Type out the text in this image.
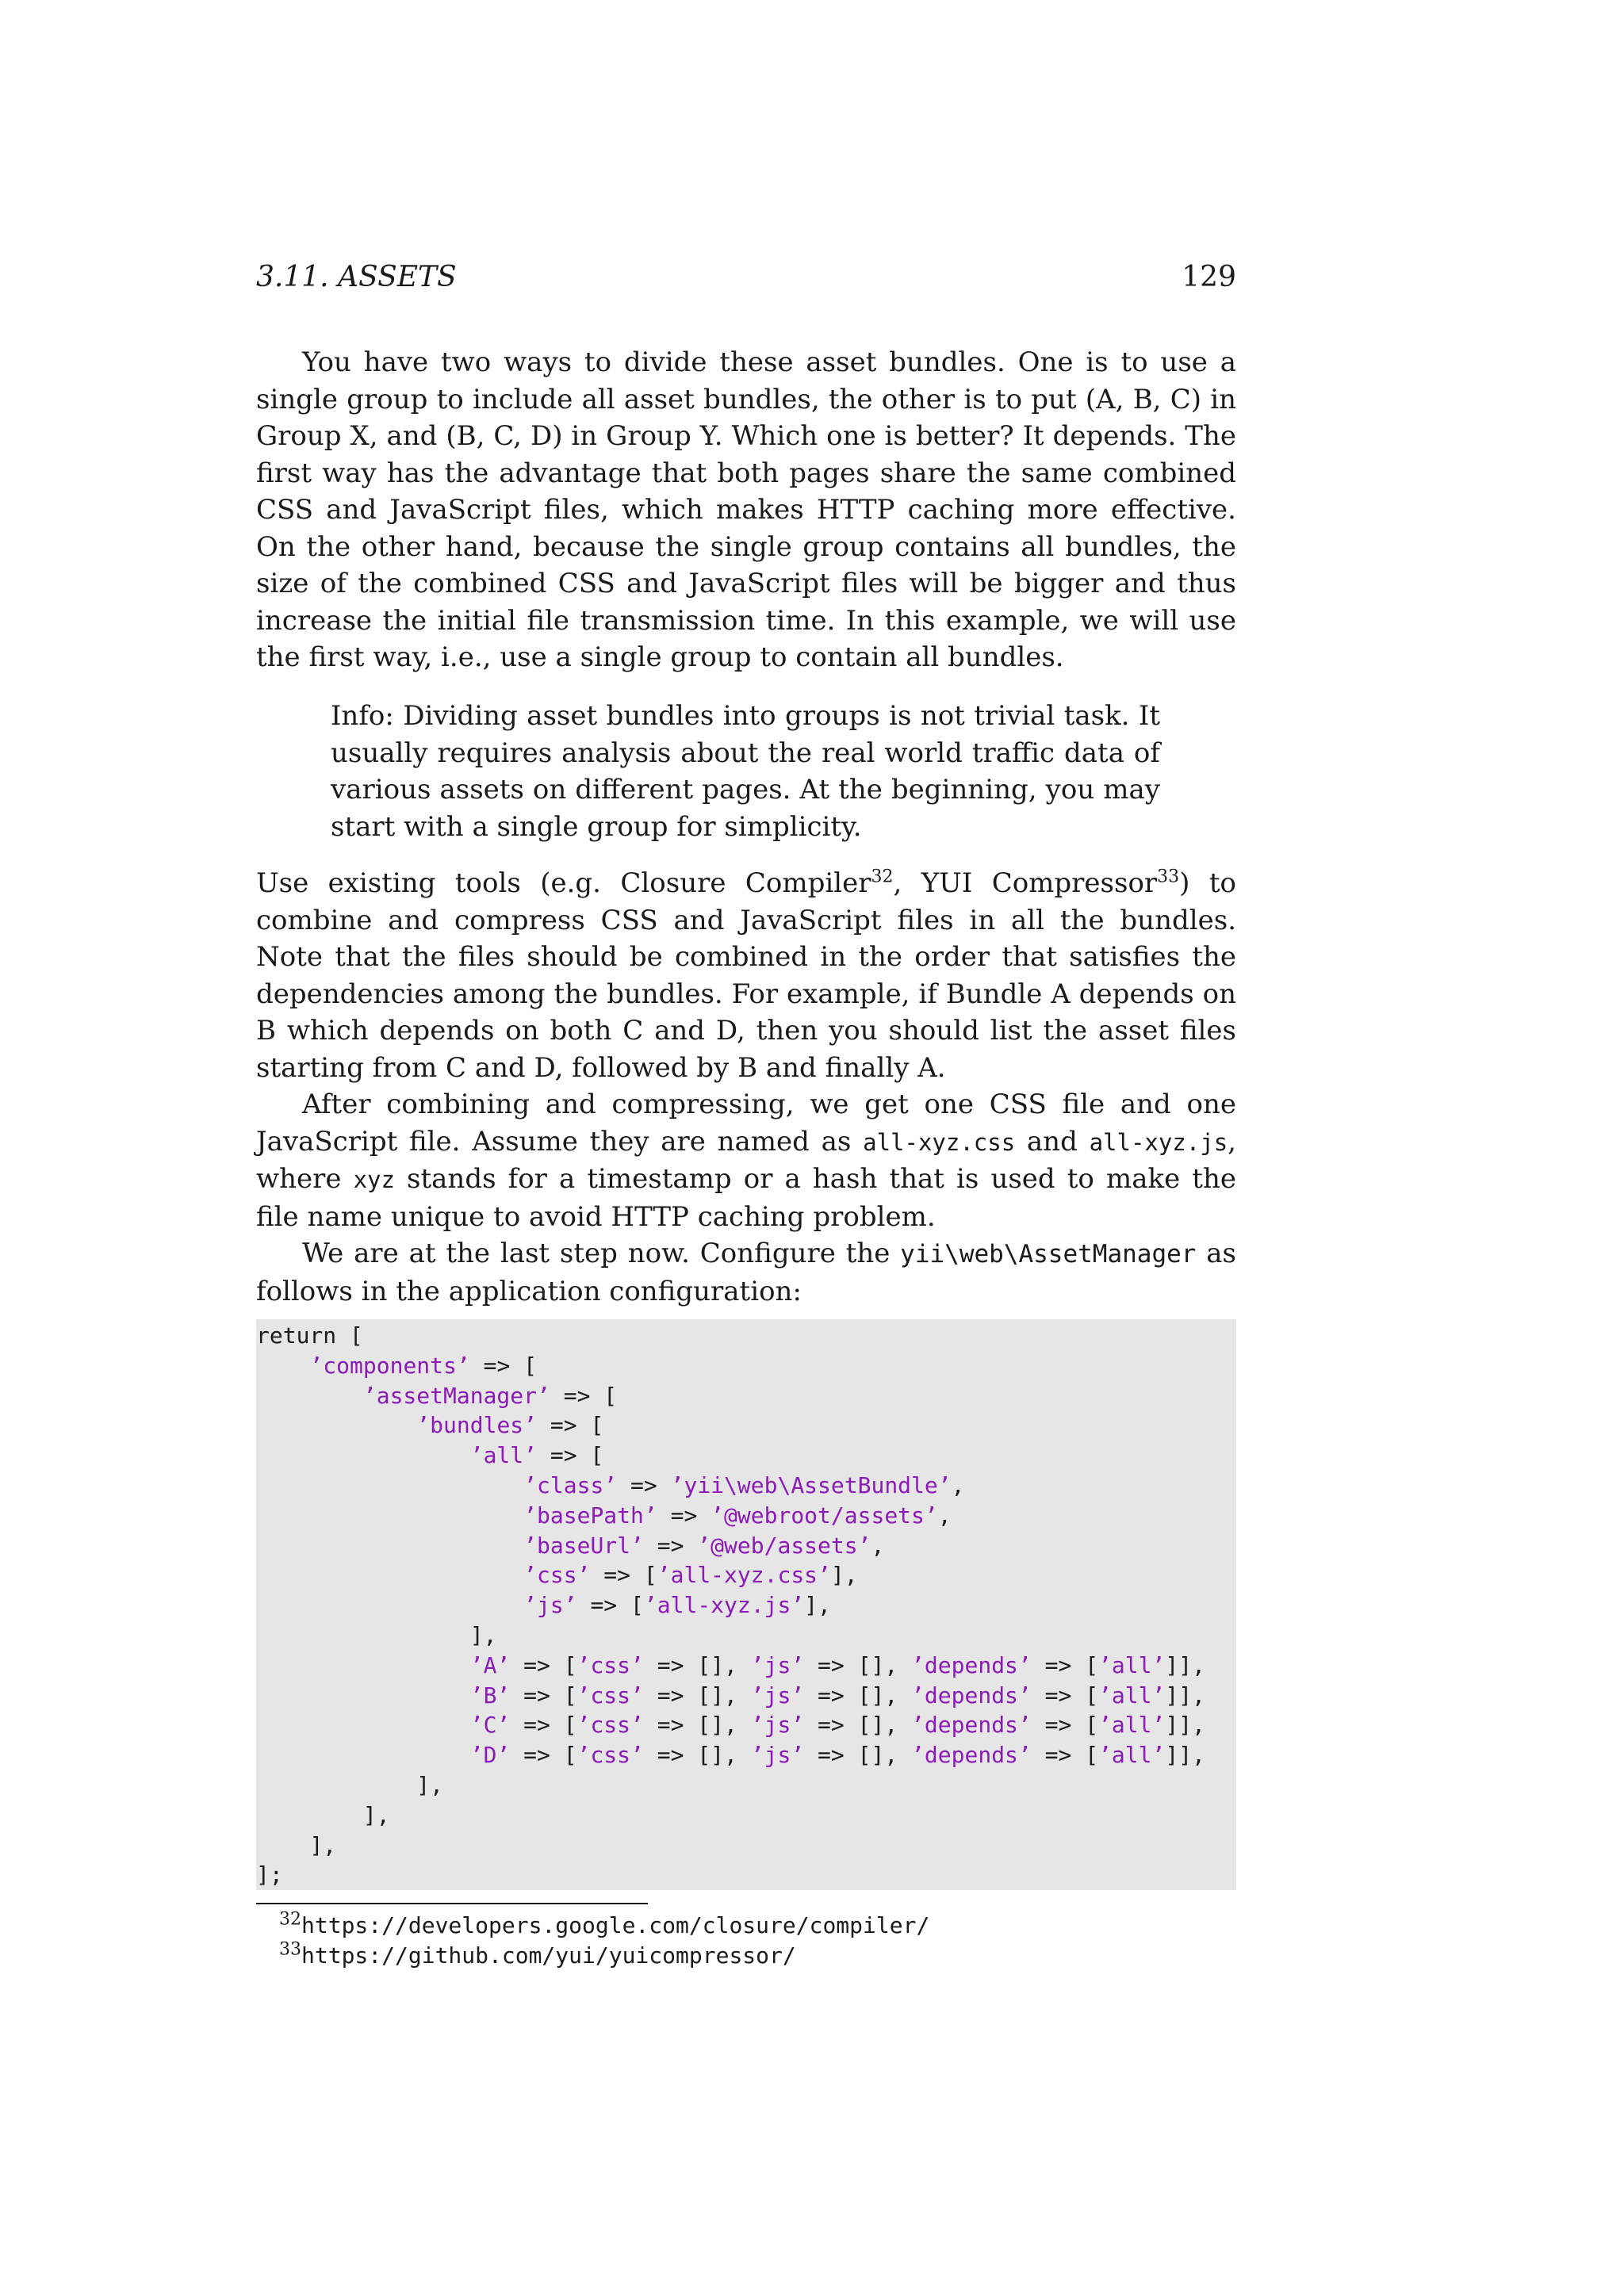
3.11. ASSETS	129

You have two ways to divide these asset bundles. One is to use a single group to include all asset bundles, the other is to put (A, B, C) in Group X, and (B, C, D) in Group Y. Which one is better? It depends. The first way has the advantage that both pages share the same combined CSS and JavaScript files, which makes HTTP caching more effective. On the other hand, because the single group contains all bundles, the size of the combined CSS and JavaScript files will be bigger and thus increase the initial file transmission time. In this example, we will use the first way, i.e., use a single group to contain all bundles.

Info: Dividing asset bundles into groups is not trivial task. It usually requires analysis about the real world traffic data of various assets on different pages. At the beginning, you may start with a single group for simplicity.

Use existing tools (e.g. Closure Compiler$^{32}$, YUI Compressor$^{33}$) to combine and compress CSS and JavaScript files in all the bundles. Note that the files should be combined in the order that satisfies the dependencies among the bundles. For example, if Bundle A depends on B which depends on both C and D, then you should list the asset files starting from C and D, followed by B and finally A.

After combining and compressing, we get one CSS file and one JavaScript file. Assume they are named as all-xyz.css and all-xyz.js, where xyz stands for a timestamp or a hash that is used to make the file name unique to avoid HTTP caching problem.

We are at the last step now. Configure the yii\web\AssetManager as follows in the application configuration:

return [
’components’ => [
’assetManager’ => [
’bundles’ => [
’all’ => [
’class’ => ’yii\web\AssetBundle’,
’basePath’ => ’@webroot/assets’,
’baseUrl’ => ’@web/assets’,
’css’ => [’all-xyz.css’],
’js’ => [’all-xyz.js’],
],
’A’ => [’css’ => [], ’js’ => [], ’depends’ => [’all’]],
’B’ => [’css’ => [], ’js’ => [], ’depends’ => [’all’]],
’C’ => [’css’ => [], ’js’ => [], ’depends’ => [’all’]],
’D’ => [’css’ => [], ’js’ => [], ’depends’ => [’all’]],
],
],
],
];
$^{32}$https://developers.google.com/closure/compiler/
$^{33}$https://github.com/yui/yuicompressor/
